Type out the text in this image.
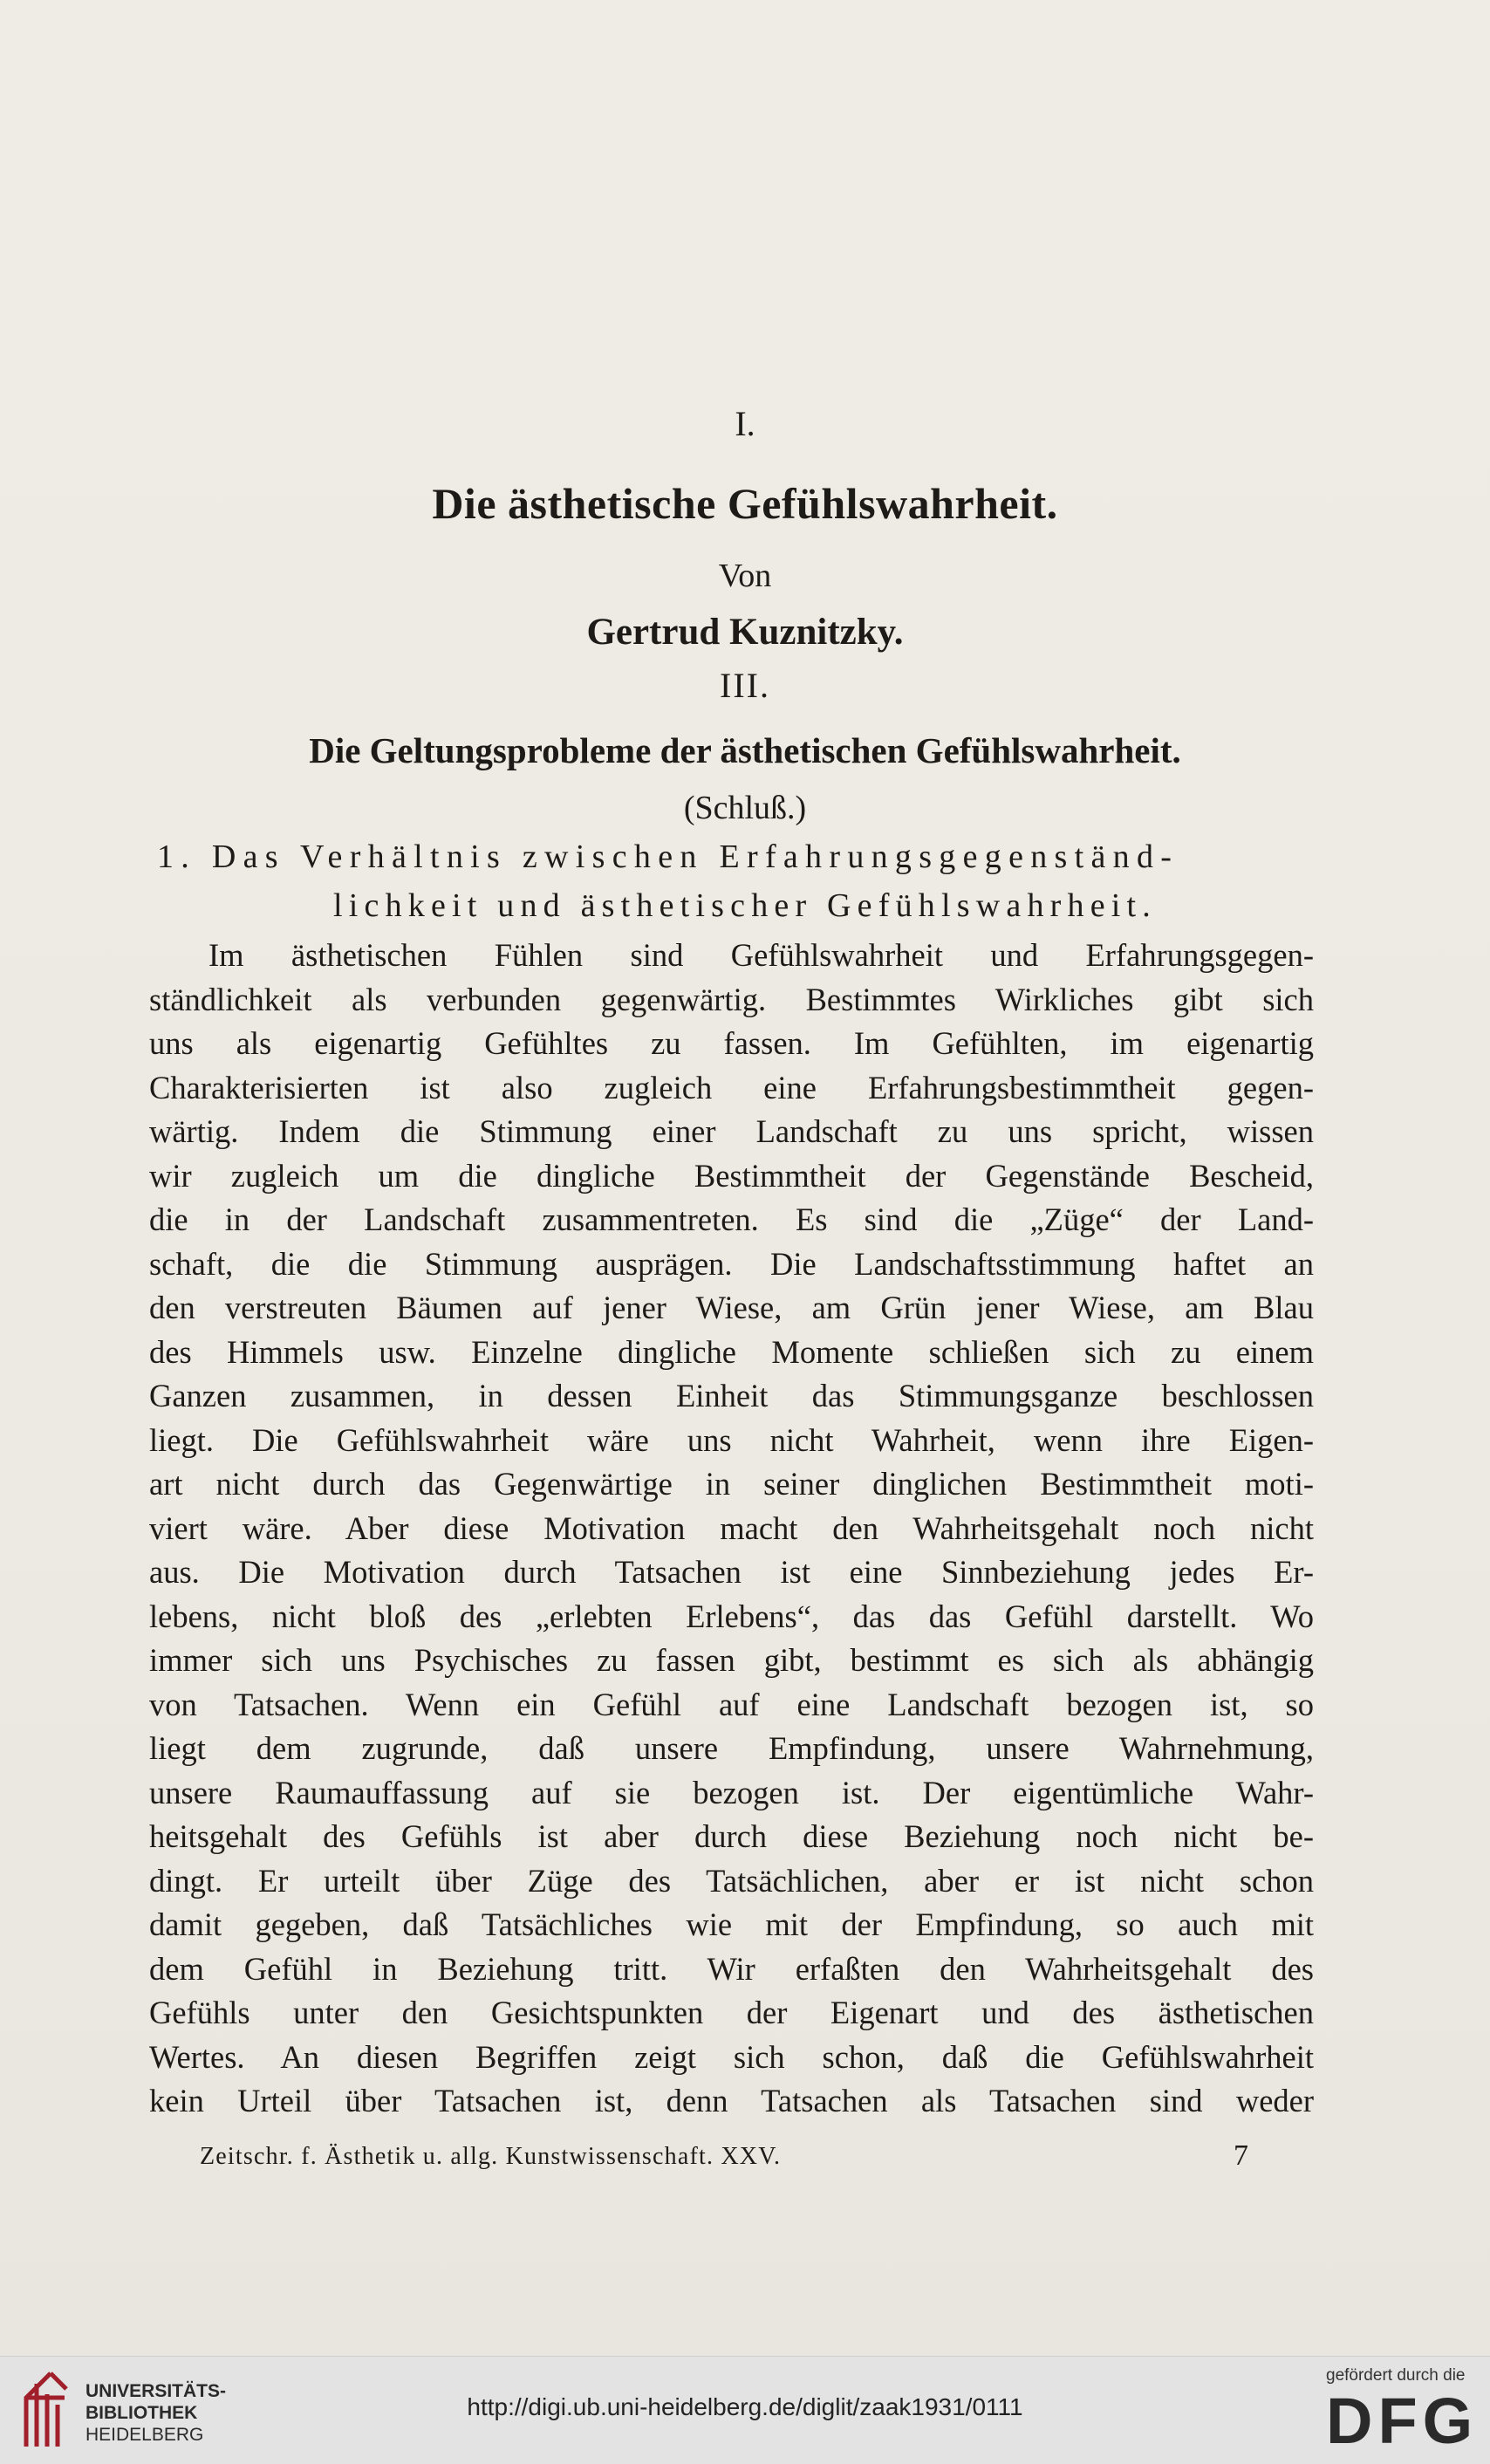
I.
Die ästhetische Gefühlswahrheit.
Von
Gertrud Kuznitzky.
III.
Die Geltungsprobleme der ästhetischen Gefühlswahrheit.
(Schluß.)
1. Das Verhältnis zwischen Erfahrungsgegenständ-
lichkeit und ästhetischer Gefühlswahrheit.
Im ästhetischen Fühlen sind Gefühlswahrheit und Erfahrungsgegen-
ständlichkeit als verbunden gegenwärtig. Bestimmtes Wirkliches gibt sich
uns als eigenartig Gefühltes zu fassen. Im Gefühlten, im eigenartig
Charakterisierten ist also zugleich eine Erfahrungsbestimmtheit gegen-
wärtig. Indem die Stimmung einer Landschaft zu uns spricht, wissen
wir zugleich um die dingliche Bestimmtheit der Gegenstände Bescheid,
die in der Landschaft zusammentreten. Es sind die „Züge“ der Land-
schaft, die die Stimmung ausprägen. Die Landschaftsstimmung haftet an
den verstreuten Bäumen auf jener Wiese, am Grün jener Wiese, am Blau
des Himmels usw. Einzelne dingliche Momente schließen sich zu einem
Ganzen zusammen, in dessen Einheit das Stimmungsganze beschlossen
liegt. Die Gefühlswahrheit wäre uns nicht Wahrheit, wenn ihre Eigen-
art nicht durch das Gegenwärtige in seiner dinglichen Bestimmtheit moti-
viert wäre. Aber diese Motivation macht den Wahrheitsgehalt noch nicht
aus. Die Motivation durch Tatsachen ist eine Sinnbeziehung jedes Er-
lebens, nicht bloß des „erlebten Erlebens“, das das Gefühl darstellt. Wo
immer sich uns Psychisches zu fassen gibt, bestimmt es sich als abhängig
von Tatsachen. Wenn ein Gefühl auf eine Landschaft bezogen ist, so
liegt dem zugrunde, daß unsere Empfindung, unsere Wahrnehmung,
unsere Raumauffassung auf sie bezogen ist. Der eigentümliche Wahr-
heitsgehalt des Gefühls ist aber durch diese Beziehung noch nicht be-
dingt. Er urteilt über Züge des Tatsächlichen, aber er ist nicht schon
damit gegeben, daß Tatsächliches wie mit der Empfindung, so auch mit
dem Gefühl in Beziehung tritt. Wir erfaßten den Wahrheitsgehalt des
Gefühls unter den Gesichtspunkten der Eigenart und des ästhetischen
Wertes. An diesen Begriffen zeigt sich schon, daß die Gefühlswahrheit
kein Urteil über Tatsachen ist, denn Tatsachen als Tatsachen sind weder
Zeitschr. f. Ästhetik u. allg. Kunstwissenschaft. XXV.	7
UNIVERSITÄTS-
BIBLIOTHEK
HEIDELBERG
http://digi.ub.uni-heidelberg.de/diglit/zaak1931/0111
gefördert durch die
DFG
